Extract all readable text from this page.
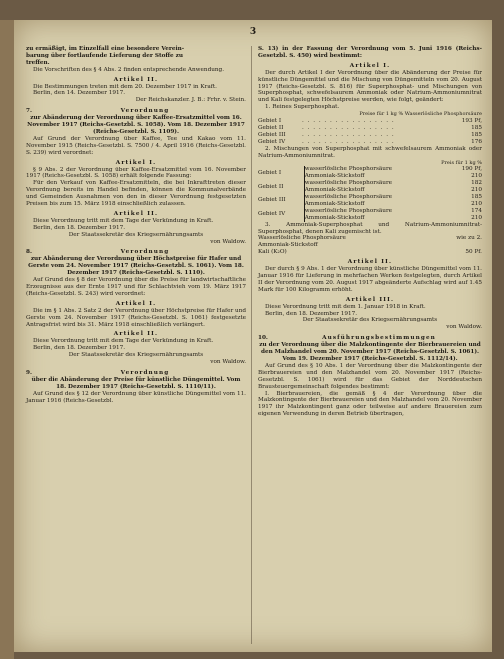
3

zu ermäßigt, im Einzelfall eine besondere Verein-

barung über fortlaufende Lieferung der Stoffe zu

treffen.

Die Vorschriften des § 4 Abs. 2 finden entsprechende Anwendung.

Artikel II.

Die Bestimmungen treten mit dem 20. Dezember 1917 in Kraft.

Berlin, den 14. Dezember 1917.

Der Reichskanzler. J. B.: Frhr. v. Stein.

7.	Verordnung

zur Abänderung der Verordnung über Kaffee-Ersatzmittel vom 16. November 1917 (Reichs-Gesetzbl. S. 1058). Vom 18. Dezember 1917 (Reichs-Gesetzbl. S. 1109).

Auf Grund der Verordnung über Kaffee, Tee und Kakao vom 11. November 1915 (Reichs-Gesetzbl. S. 7500 / 4. April 1916 (Reichs-Gesetzbl. S. 239) wird verordnet:

Artikel I.

§ 9 Abs. 2 der Verordnung über Kaffee-Ersatzmittel vom 16. November 1917 (Reichs-Gesetzbl. S. 1058) erhält folgende Fassung:

Für den Verkauf von Kaffee-Ersatzmitteln, die bei Inkrafttreten dieser Verordnung bereits im Handel befinden, können die Kommunalverbände und Gemeinden Ausnahmen von den in dieser Verordnung festgesetzten Preisen bis zum 15. März 1918 einschließlich zulassen.

Artikel II.

Diese Verordnung tritt mit dem Tage der Verkündung in Kraft.

Berlin, den 18. Dezember 1917.

Der Staatssekretär des Kriegsernährungsamts

von Waldow.

8.	Verordnung

zur Abänderung der Verordnung über Höchstpreise für Hafer und Gerste vom 24. November 1917 (Reichs-Gesetzbl. S. 1061). Vom 18. Dezember 1917 (Reichs-Gesetzbl. S. 1110).

Auf Grund des § 8 der Verordnung über die Preise für landwirtschaftliche Erzeugnisse aus der Ernte 1917 und für Schlachtvieh vom 19. März 1917 (Reichs-Gesetzbl. S. 243) wird verordnet:

Artikel I.

Die im § 1 Abs. 2 Satz 2 der Verordnung über Höchstpreise für Hafer und Gerste vom 24. November 1917 (Reichs-Gesetzbl. S. 1061) festgesetzte Antragsfrist wird bis 31. März 1918 einschließlich verlängert.

Artikel II.

Diese Verordnung tritt mit dem Tage der Verkündung in Kraft.

Berlin, den 18. Dezember 1917.

Der Staatssekretär des Kriegsernährungsamts

von Waldow.

9.	Verordnung

über die Abänderung der Preise für künstliche Düngemittel. Vom 18. Dezember 1917 (Reichs-Gesetzbl. S. 1110/11).

Auf Grund des § 12 der Verordnung über künstliche Düngemittel vom 11. Januar 1916 (Reichs-Gesetzbl.

S. 13) in der Fassung der Verordnung vom 5. Juni 1916 (Reichs-Gesetzbl. S. 450) wird bestimmt:

Artikel I.

Der durch Artikel I der Verordnung über die Abänderung der Preise für künstliche Düngemittel und die Mischung von Düngemitteln vom 20. August 1917 (Reichs-Gesetzbl. S. 816) für Superphosphat- und Mischungen von Superphosphat, schwefelsaurem Ammoniak oder Natrium-Ammoniumnitrat und Kali festgelegten Höchstpreise werden, wie folgt, geändert:

1. Reines Superphosphat.

Preise für 1 kg % Wasserlösliche Phosphorsäure
Gebiet I	. . . . . . . . . . . . . . . . .	193 Pf,
Gebiet II	. . . . . . . . . . . . . . . . .	185
Gebiet III	. . . . . . . . . . . . . . . . .	185
Gebiet IV	. . . . . . . . . . . . . . . . .	176

2. Mischungen von Superphosphat mit schwefelsaurem Ammoniak oder Natrium-Ammoniumnitrat.

Preis für 1 kg %
Gebiet I	wasserlösliche Phosphorsäure	190 Pf,
	Ammoniak-Stickstoff	210
Gebiet II	wasserlösliche Phosphorsäure	182
	Ammoniak-Stickstoff	210
Gebiet III	wasserlösliche Phosphorsäure	185
	Ammoniak-Stickstoff	210
Gebiet IV	wasserlösliche Phosphorsäure	174
	Ammoniak-Stickstoff	210

3. Ammoniak-Superphosphat und Natrium-Ammoniumnitrat-Superphosphat, denen Kali zugemischt ist.

Wasserlösliche Phosphorsäure	wie zu 2.
Ammoniak-Stickstoff	
Kali (K₂O)	50 Pf.
Artikel II.

Der durch § 9 Abs. 1 der Verordnung über künstliche Düngemittel vom 11. Januar 1916 für Lieferung in mehrfachen Werken festgelegten, durch Artikel II der Verordnung vom 20. August 1917 abgeänderte Aufschlag wird auf 1.45 Mark für 100 Kilogramm erhöht.

Artikel III.

Diese Verordnung tritt mit dem 1. Januar 1918 in Kraft.

Berlin, den 18. Dezember 1917.

Der Staatssekretär des Kriegsernährungsamts

von Waldow.

10.	Ausführungsbestimmungen

zu der Verordnung über die Malzkontingente der Bierbrauereien und den Malzhandel vom 20. November 1917 (Reichs-Gesetzbl. S. 1061). Vom 19. Dezember 1917 (Reichs-Gesetzbl. S. 1112/14).

Auf Grund des § 10 Abs. 1 der Verordnung über die Malzkontingente der Bierbrauereien und den Malzhandel vom 20. November 1917 (Reichs-Gesetzbl. S. 1061) wird für das Gebiet der Norddeutschen Brausteuergemeinschaft folgendes bestimmt:

I. Bierbrauereien, die gemäß § 4 der Verordnung über die Malzkontingente der Bierbrauereien und den Malzhandel vom 20. November 1917 ihr Malzkontingent ganz oder teilweise auf andere Brauereien zum eigenen Verwendung in deren Betrieb übertragen,
